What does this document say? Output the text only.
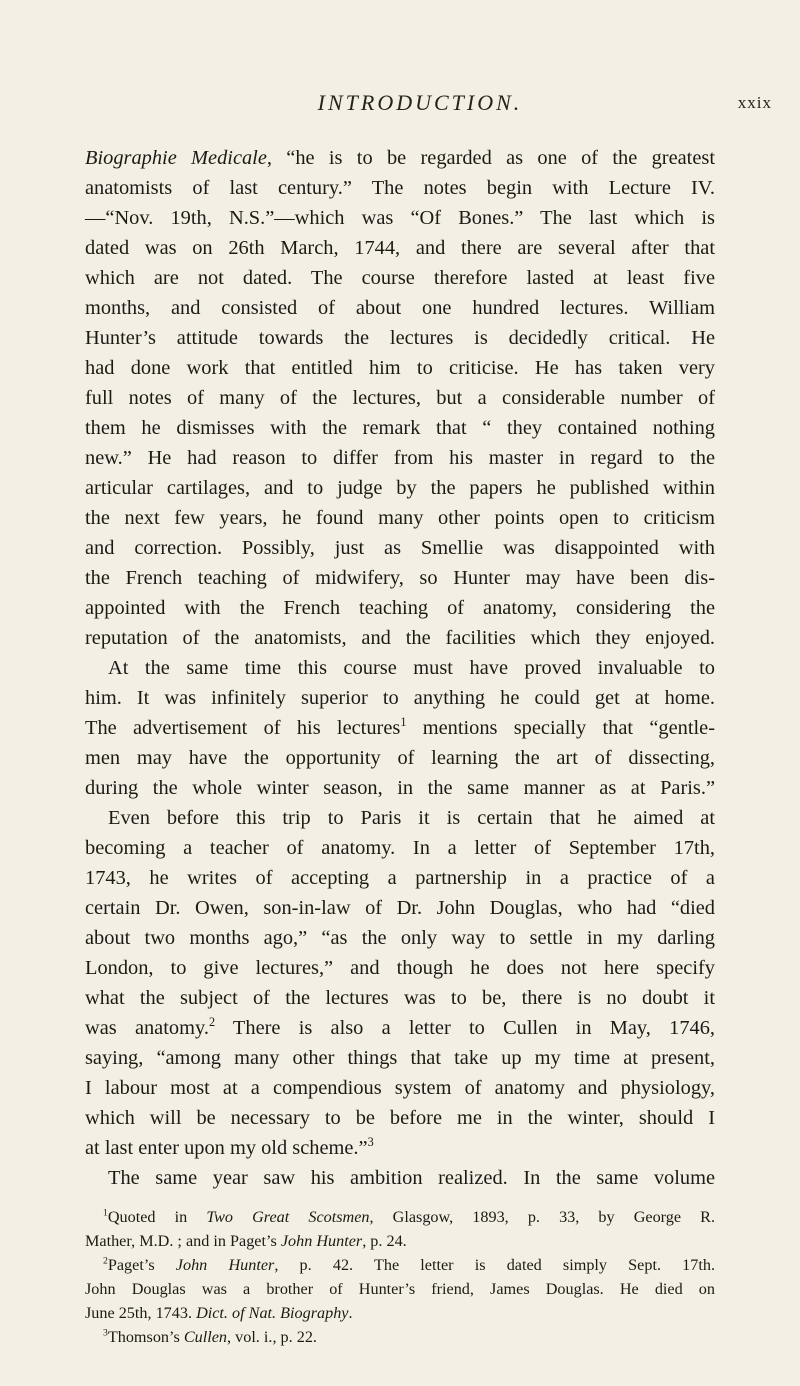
INTRODUCTION.	xxix
Biographie Medicale, “he is to be regarded as one of the greatest
anatomists of last century.” The notes begin with Lecture IV.
—“Nov. 19th, N.S.”—which was “Of Bones.” The last which is
dated was on 26th March, 1744, and there are several after that
which are not dated. The course therefore lasted at least five
months, and consisted of about one hundred lectures. William
Hunter’s attitude towards the lectures is decidedly critical. He
had done work that entitled him to criticise. He has taken very
full notes of many of the lectures, but a considerable number of
them he dismisses with the remark that “ they contained nothing
new.” He had reason to differ from his master in regard to the
articular cartilages, and to judge by the papers he published within
the next few years, he found many other points open to criticism
and correction. Possibly, just as Smellie was disappointed with
the French teaching of midwifery, so Hunter may have been dis-
appointed with the French teaching of anatomy, considering the
reputation of the anatomists, and the facilities which they enjoyed.
At the same time this course must have proved invaluable to
him. It was infinitely superior to anything he could get at home.
The advertisement of his lectures$^1$ mentions specially that “gentle-
men may have the opportunity of learning the art of dissecting,
during the whole winter season, in the same manner as at Paris.”
Even before this trip to Paris it is certain that he aimed at
becoming a teacher of anatomy. In a letter of September 17th,
1743, he writes of accepting a partnership in a practice of a
certain Dr. Owen, son-in-law of Dr. John Douglas, who had “died
about two months ago,” “as the only way to settle in my darling
London, to give lectures,” and though he does not here specify
what the subject of the lectures was to be, there is no doubt it
was anatomy.$^2$ There is also a letter to Cullen in May, 1746,
saying, “among many other things that take up my time at present,
I labour most at a compendious system of anatomy and physiology,
which will be necessary to be before me in the winter, should I
at last enter upon my old scheme.”$^3$
The same year saw his ambition realized. In the same volume
$^1$Quoted in Two Great Scotsmen, Glasgow, 1893, p. 33, by George R.
Mather, M.D. ; and in Paget’s John Hunter, p. 24.
$^2$Paget’s John Hunter, p. 42. The letter is dated simply Sept. 17th.
John Douglas was a brother of Hunter’s friend, James Douglas. He died on
June 25th, 1743. Dict. of Nat. Biography.
$^3$Thomson’s Cullen, vol. i., p. 22.
